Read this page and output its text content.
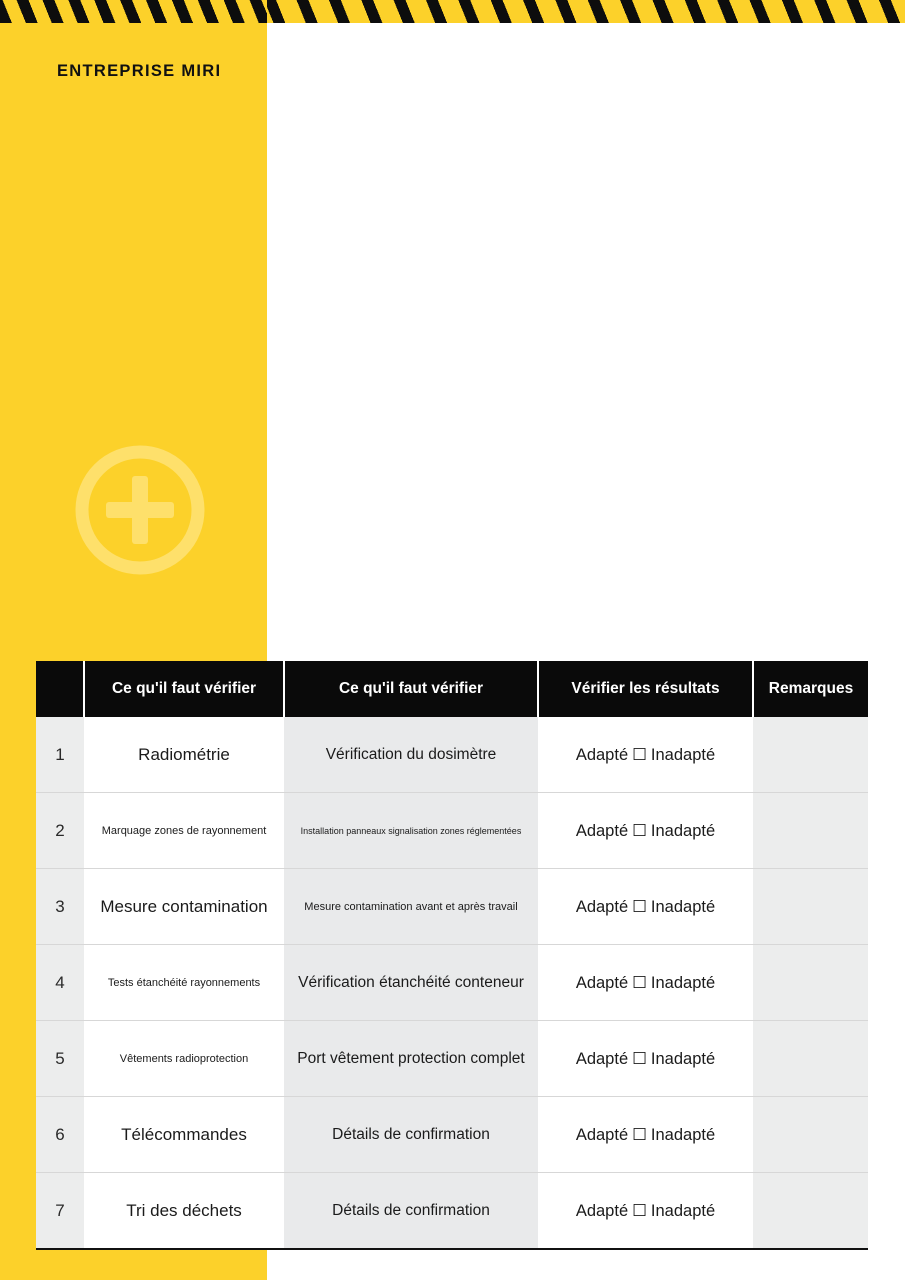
ENTREPRISE MIRI
	Ce qu'il faut vérifier	Ce qu'il faut vérifier	Vérifier les résultats	Remarques
1	Radiométrie	Vérification du dosimètre	Adapté ☐ Inadapté	
2	Marquage zones de rayonnement	Installation panneaux signalisation zones réglementées	Adapté ☐ Inadapté	
3	Mesure contamination	Mesure contamination avant et après travail	Adapté ☐ Inadapté	
4	Tests étanchéité rayonnements	Vérification étanchéité conteneur	Adapté ☐ Inadapté	
5	Vêtements radioprotection	Port vêtement protection complet	Adapté ☐ Inadapté	
6	Télécommandes	Détails de confirmation	Adapté ☐ Inadapté	
7	Tri des déchets	Détails de confirmation	Adapté ☐ Inadapté	
